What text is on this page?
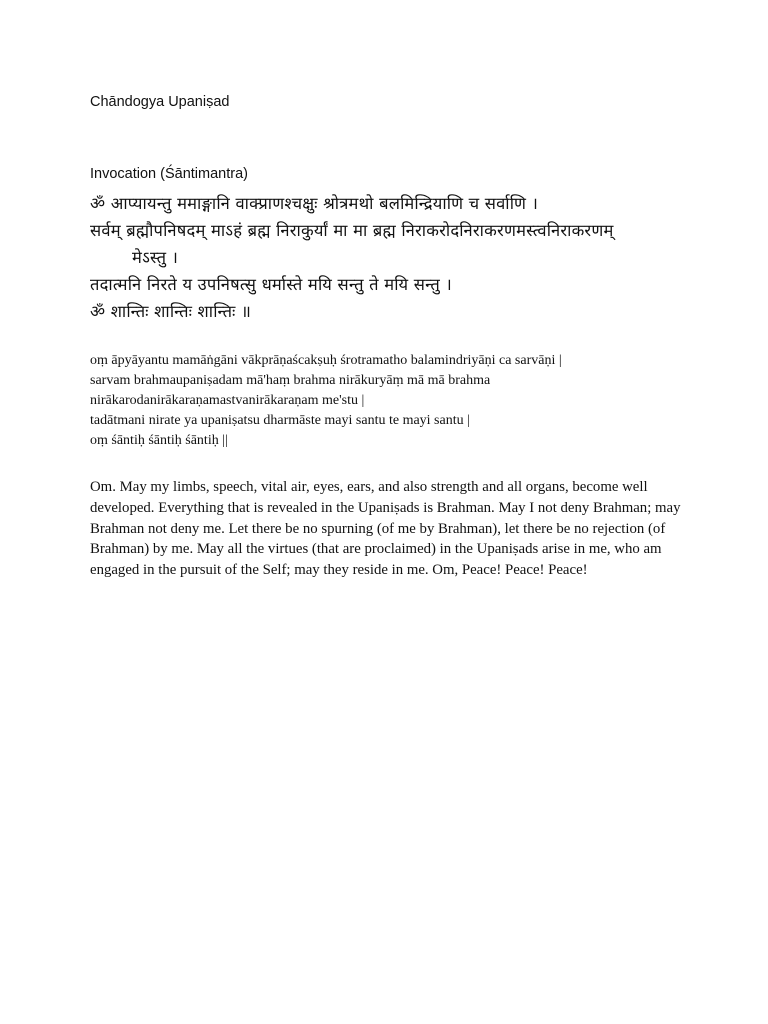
Chāndogya Upaniṣad

Invocation (Śāntimantra)

ॐ आप्यायन्तु ममाङ्गानि वाक्प्राणश्चक्षुः श्रोत्रमथो बलमिन्द्रियाणि च सर्वाणि ।
सर्वम् ब्रह्मौपनिषदम् माऽहं ब्रह्म निराकुर्यां मा मा ब्रह्म निराकरोदनिराकरणमस्त्वनिराकरणम्
मेऽस्तु ।
तदात्मनि निरते य उपनिषत्सु धर्मास्ते मयि सन्तु ते मयि सन्तु ।
ॐ शान्तिः शान्तिः शान्तिः ॥
oṃ āpyāyantu mamāṅgāni vākprāṇaścakṣuḥ śrotramatho balamindriyāṇi ca sarvāṇi |
sarvam brahmaupaniṣadam mā'haṃ brahma nirākuryāṃ mā mā brahma
nirākarodanirākaraṇamastvanirākaraṇam me'stu |
tadātmani nirate ya upaniṣatsu dharmāste mayi santu te mayi santu |
oṃ śāntiḥ śāntiḥ śāntiḥ ||

Om. May my limbs, speech, vital air, eyes, ears, and also strength and all organs, become well developed. Everything that is revealed in the Upaniṣads is Brahman. May I not deny Brahman; may Brahman not deny me. Let there be no spurning (of me by Brahman), let there be no rejection (of Brahman) by me. May all the virtues (that are proclaimed) in the Upaniṣads arise in me, who am engaged in the pursuit of the Self; may they reside in me. Om, Peace! Peace! Peace!
